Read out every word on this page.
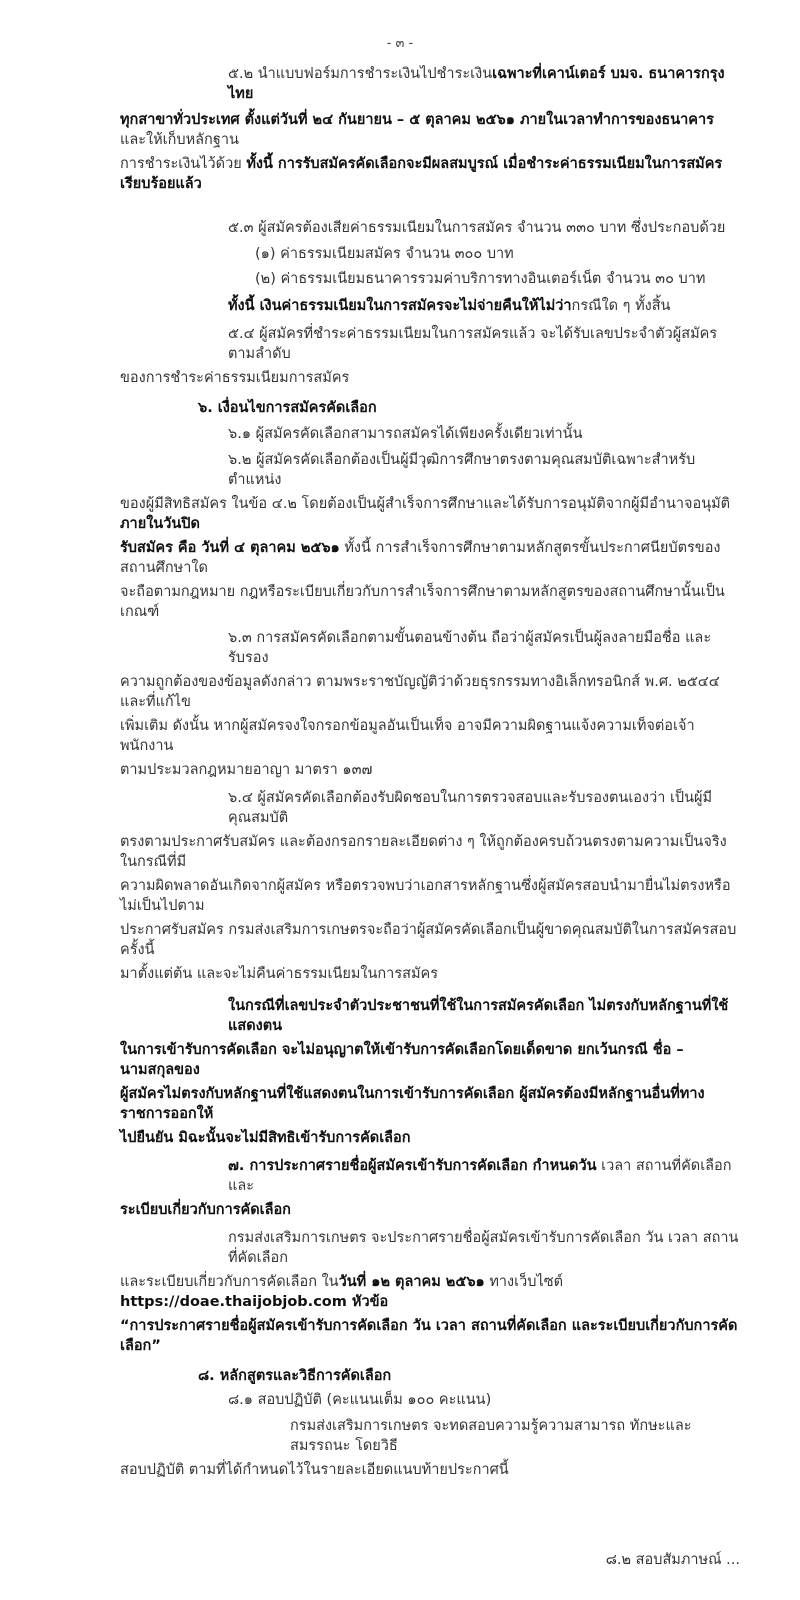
- ๓ -
๕.๒ นำแบบฟอร์มการชำระเงินไปชำระเงินเฉพาะที่เคาน์เตอร์ บมจ. ธนาคารกรุงไทย
ทุกสาขาทั่วประเทศ ตั้งแต่วันที่ ๒๔ กันยายน – ๕ ตุลาคม ๒๕๖๑ ภายในเวลาทำการของธนาคาร และให้เก็บหลักฐาน
การชำระเงินไว้ด้วย ทั้งนี้ การรับสมัครคัดเลือกจะมีผลสมบูรณ์ เมื่อชำระค่าธรรมเนียมในการสมัครเรียบร้อยแล้ว
๕.๓ ผู้สมัครต้องเสียค่าธรรมเนียมในการสมัคร จำนวน ๓๓๐ บาท ซึ่งประกอบด้วย
(๑) ค่าธรรมเนียมสมัคร จำนวน ๓๐๐ บาท
(๒) ค่าธรรมเนียมธนาคารรวมค่าบริการทางอินเตอร์เน็ต จำนวน ๓๐ บาท
ทั้งนี้ เงินค่าธรรมเนียมในการสมัครจะไม่จ่ายคืนให้ไม่ว่ากรณีใด ๆ ทั้งสิ้น
๕.๔ ผู้สมัครที่ชำระค่าธรรมเนียมในการสมัครแล้ว จะได้รับเลขประจำตัวผู้สมัครตามลำดับ
ของการชำระค่าธรรมเนียมการสมัคร
๖. เงื่อนไขการสมัครคัดเลือก
๖.๑ ผู้สมัครคัดเลือกสามารถสมัครได้เพียงครั้งเดียวเท่านั้น
๖.๒ ผู้สมัครคัดเลือกต้องเป็นผู้มีวุฒิการศึกษาตรงตามคุณสมบัติเฉพาะสำหรับตำแหน่ง
ของผู้มีสิทธิสมัคร ในข้อ ๔.๒ โดยต้องเป็นผู้สำเร็จการศึกษาและได้รับการอนุมัติจากผู้มีอำนาจอนุมัติ ภายในวันปิด
รับสมัคร คือ วันที่ ๔ ตุลาคม ๒๕๖๑ ทั้งนี้ การสำเร็จการศึกษาตามหลักสูตรขั้นประกาศนียบัตรของสถานศึกษาใด
จะถือตามกฎหมาย กฎหรือระเบียบเกี่ยวกับการสำเร็จการศึกษาตามหลักสูตรของสถานศึกษานั้นเป็นเกณฑ์
๖.๓ การสมัครคัดเลือกตามขั้นตอนข้างต้น ถือว่าผู้สมัครเป็นผู้ลงลายมือชื่อ และรับรอง
ความถูกต้องของข้อมูลดังกล่าว ตามพระราชบัญญัติว่าด้วยธุรกรรมทางอิเล็กทรอนิกส์ พ.ศ. ๒๕๔๔ และที่แก้ไข
เพิ่มเติม ดังนั้น หากผู้สมัครจงใจกรอกข้อมูลอันเป็นเท็จ อาจมีความผิดฐานแจ้งความเท็จต่อเจ้าพนักงาน
ตามประมวลกฎหมายอาญา มาตรา ๑๓๗
๖.๔ ผู้สมัครคัดเลือกต้องรับผิดชอบในการตรวจสอบและรับรองตนเองว่า เป็นผู้มีคุณสมบัติ
ตรงตามประกาศรับสมัคร และต้องกรอกรายละเอียดต่าง ๆ ให้ถูกต้องครบถ้วนตรงตามความเป็นจริง ในกรณีที่มี
ความผิดพลาดอันเกิดจากผู้สมัคร หรือตรวจพบว่าเอกสารหลักฐานซึ่งผู้สมัครสอบนำมายื่นไม่ตรงหรือไม่เป็นไปตาม
ประกาศรับสมัคร กรมส่งเสริมการเกษตรจะถือว่าผู้สมัครคัดเลือกเป็นผู้ขาดคุณสมบัติในการสมัครสอบครั้งนี้
มาตั้งแต่ต้น และจะไม่คืนค่าธรรมเนียมในการสมัคร
ในกรณีที่เลขประจำตัวประชาชนที่ใช้ในการสมัครคัดเลือก ไม่ตรงกับหลักฐานที่ใช้แสดงตน
ในการเข้ารับการคัดเลือก จะไม่อนุญาตให้เข้ารับการคัดเลือกโดยเด็ดขาด ยกเว้นกรณี ชื่อ – นามสกุลของ
ผู้สมัครไม่ตรงกับหลักฐานที่ใช้แสดงตนในการเข้ารับการคัดเลือก ผู้สมัครต้องมีหลักฐานอื่นที่ทางราชการออกให้
ไปยืนยัน มิฉะนั้นจะไม่มีสิทธิเข้ารับการคัดเลือก
๗. การประกาศรายชื่อผู้สมัครเข้ารับการคัดเลือก กำหนดวัน เวลา สถานที่คัดเลือก และ
ระเบียบเกี่ยวกับการคัดเลือก
กรมส่งเสริมการเกษตร จะประกาศรายชื่อผู้สมัครเข้ารับการคัดเลือก วัน เวลา สถานที่คัดเลือก
และระเบียบเกี่ยวกับการคัดเลือก ในวันที่ ๑๒ ตุลาคม ๒๕๖๑ ทางเว็บไซต์ https://doae.thaijobjob.com หัวข้อ
“การประกาศรายชื่อผู้สมัครเข้ารับการคัดเลือก วัน เวลา สถานที่คัดเลือก และระเบียบเกี่ยวกับการคัดเลือก”
๘. หลักสูตรและวิธีการคัดเลือก
๘.๑ สอบปฏิบัติ (คะแนนเต็ม ๑๐๐ คะแนน)
กรมส่งเสริมการเกษตร จะทดสอบความรู้ความสามารถ ทักษะและสมรรถนะ โดยวิธี
สอบปฏิบัติ ตามที่ได้กำหนดไว้ในรายละเอียดแนบท้ายประกาศนี้
๘.๒ สอบสัมภาษณ์ ...
